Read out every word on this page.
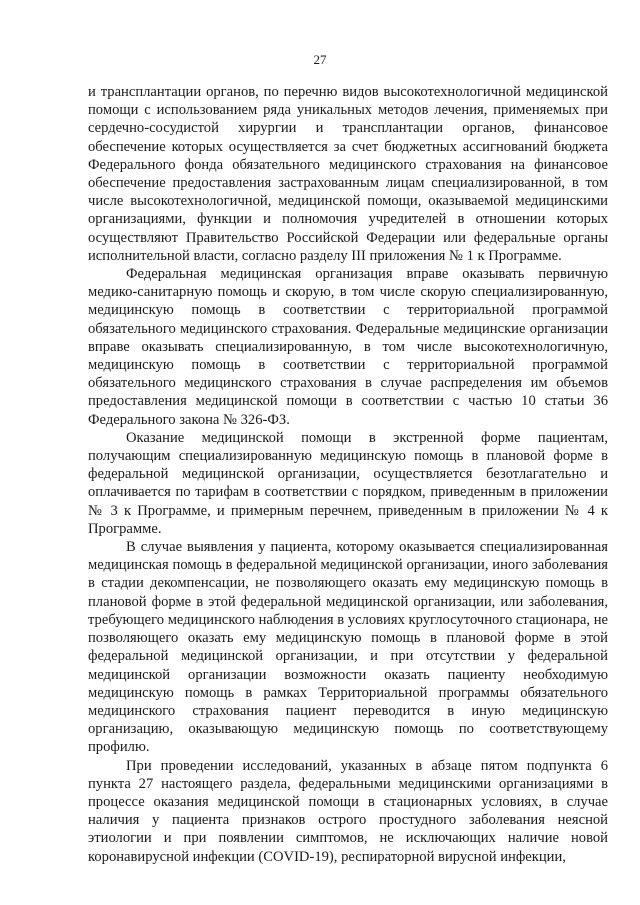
27

и трансплантации органов, по перечню видов высокотехнологичной медицинской помощи с использованием ряда уникальных методов лечения, применяемых при сердечно-сосудистой хирургии и трансплантации органов, финансовое обеспечение которых осуществляется за счет бюджетных ассигнований бюджета Федерального фонда обязательного медицинского страхования на финансовое обеспечение предоставления застрахованным лицам специализированной, в том числе высокотехнологичной, медицинской помощи, оказываемой медицинскими организациями, функции и полномочия учредителей в отношении которых осуществляют Правительство Российской Федерации или федеральные органы исполнительной власти, согласно разделу III приложения № 1 к Программе.

Федеральная медицинская организация вправе оказывать первичную медико-санитарную помощь и скорую, в том числе скорую специализированную, медицинскую помощь в соответствии с территориальной программой обязательного медицинского страхования. Федеральные медицинские организации вправе оказывать специализированную, в том числе высокотехнологичную, медицинскую помощь в соответствии с территориальной программой обязательного медицинского страхования в случае распределения им объемов предоставления медицинской помощи в соответствии с частью 10 статьи 36 Федерального закона № 326-ФЗ.

Оказание медицинской помощи в экстренной форме пациентам, получающим специализированную медицинскую помощь в плановой форме в федеральной медицинской организации, осуществляется безотлагательно и оплачивается по тарифам в соответствии с порядком, приведенным в приложении № 3 к Программе, и примерным перечнем, приведенным в приложении № 4 к Программе.

В случае выявления у пациента, которому оказывается специализированная медицинская помощь в федеральной медицинской организации, иного заболевания в стадии декомпенсации, не позволяющего оказать ему медицинскую помощь в плановой форме в этой федеральной медицинской организации, или заболевания, требующего медицинского наблюдения в условиях круглосуточного стационара, не позволяющего оказать ему медицинскую помощь в плановой форме в этой федеральной медицинской организации, и при отсутствии у федеральной медицинской организации возможности оказать пациенту необходимую медицинскую помощь в рамках Территориальной программы обязательного медицинского страхования пациент переводится в иную медицинскую организацию, оказывающую медицинскую помощь по соответствующему профилю.

При проведении исследований, указанных в абзаце пятом подпункта 6 пункта 27 настоящего раздела, федеральными медицинскими организациями в процессе оказания медицинской помощи в стационарных условиях, в случае наличия у пациента признаков острого простудного заболевания неясной этиологии и при появлении симптомов, не исключающих наличие новой коронавирусной инфекции (COVID-19), респираторной вирусной инфекции,
